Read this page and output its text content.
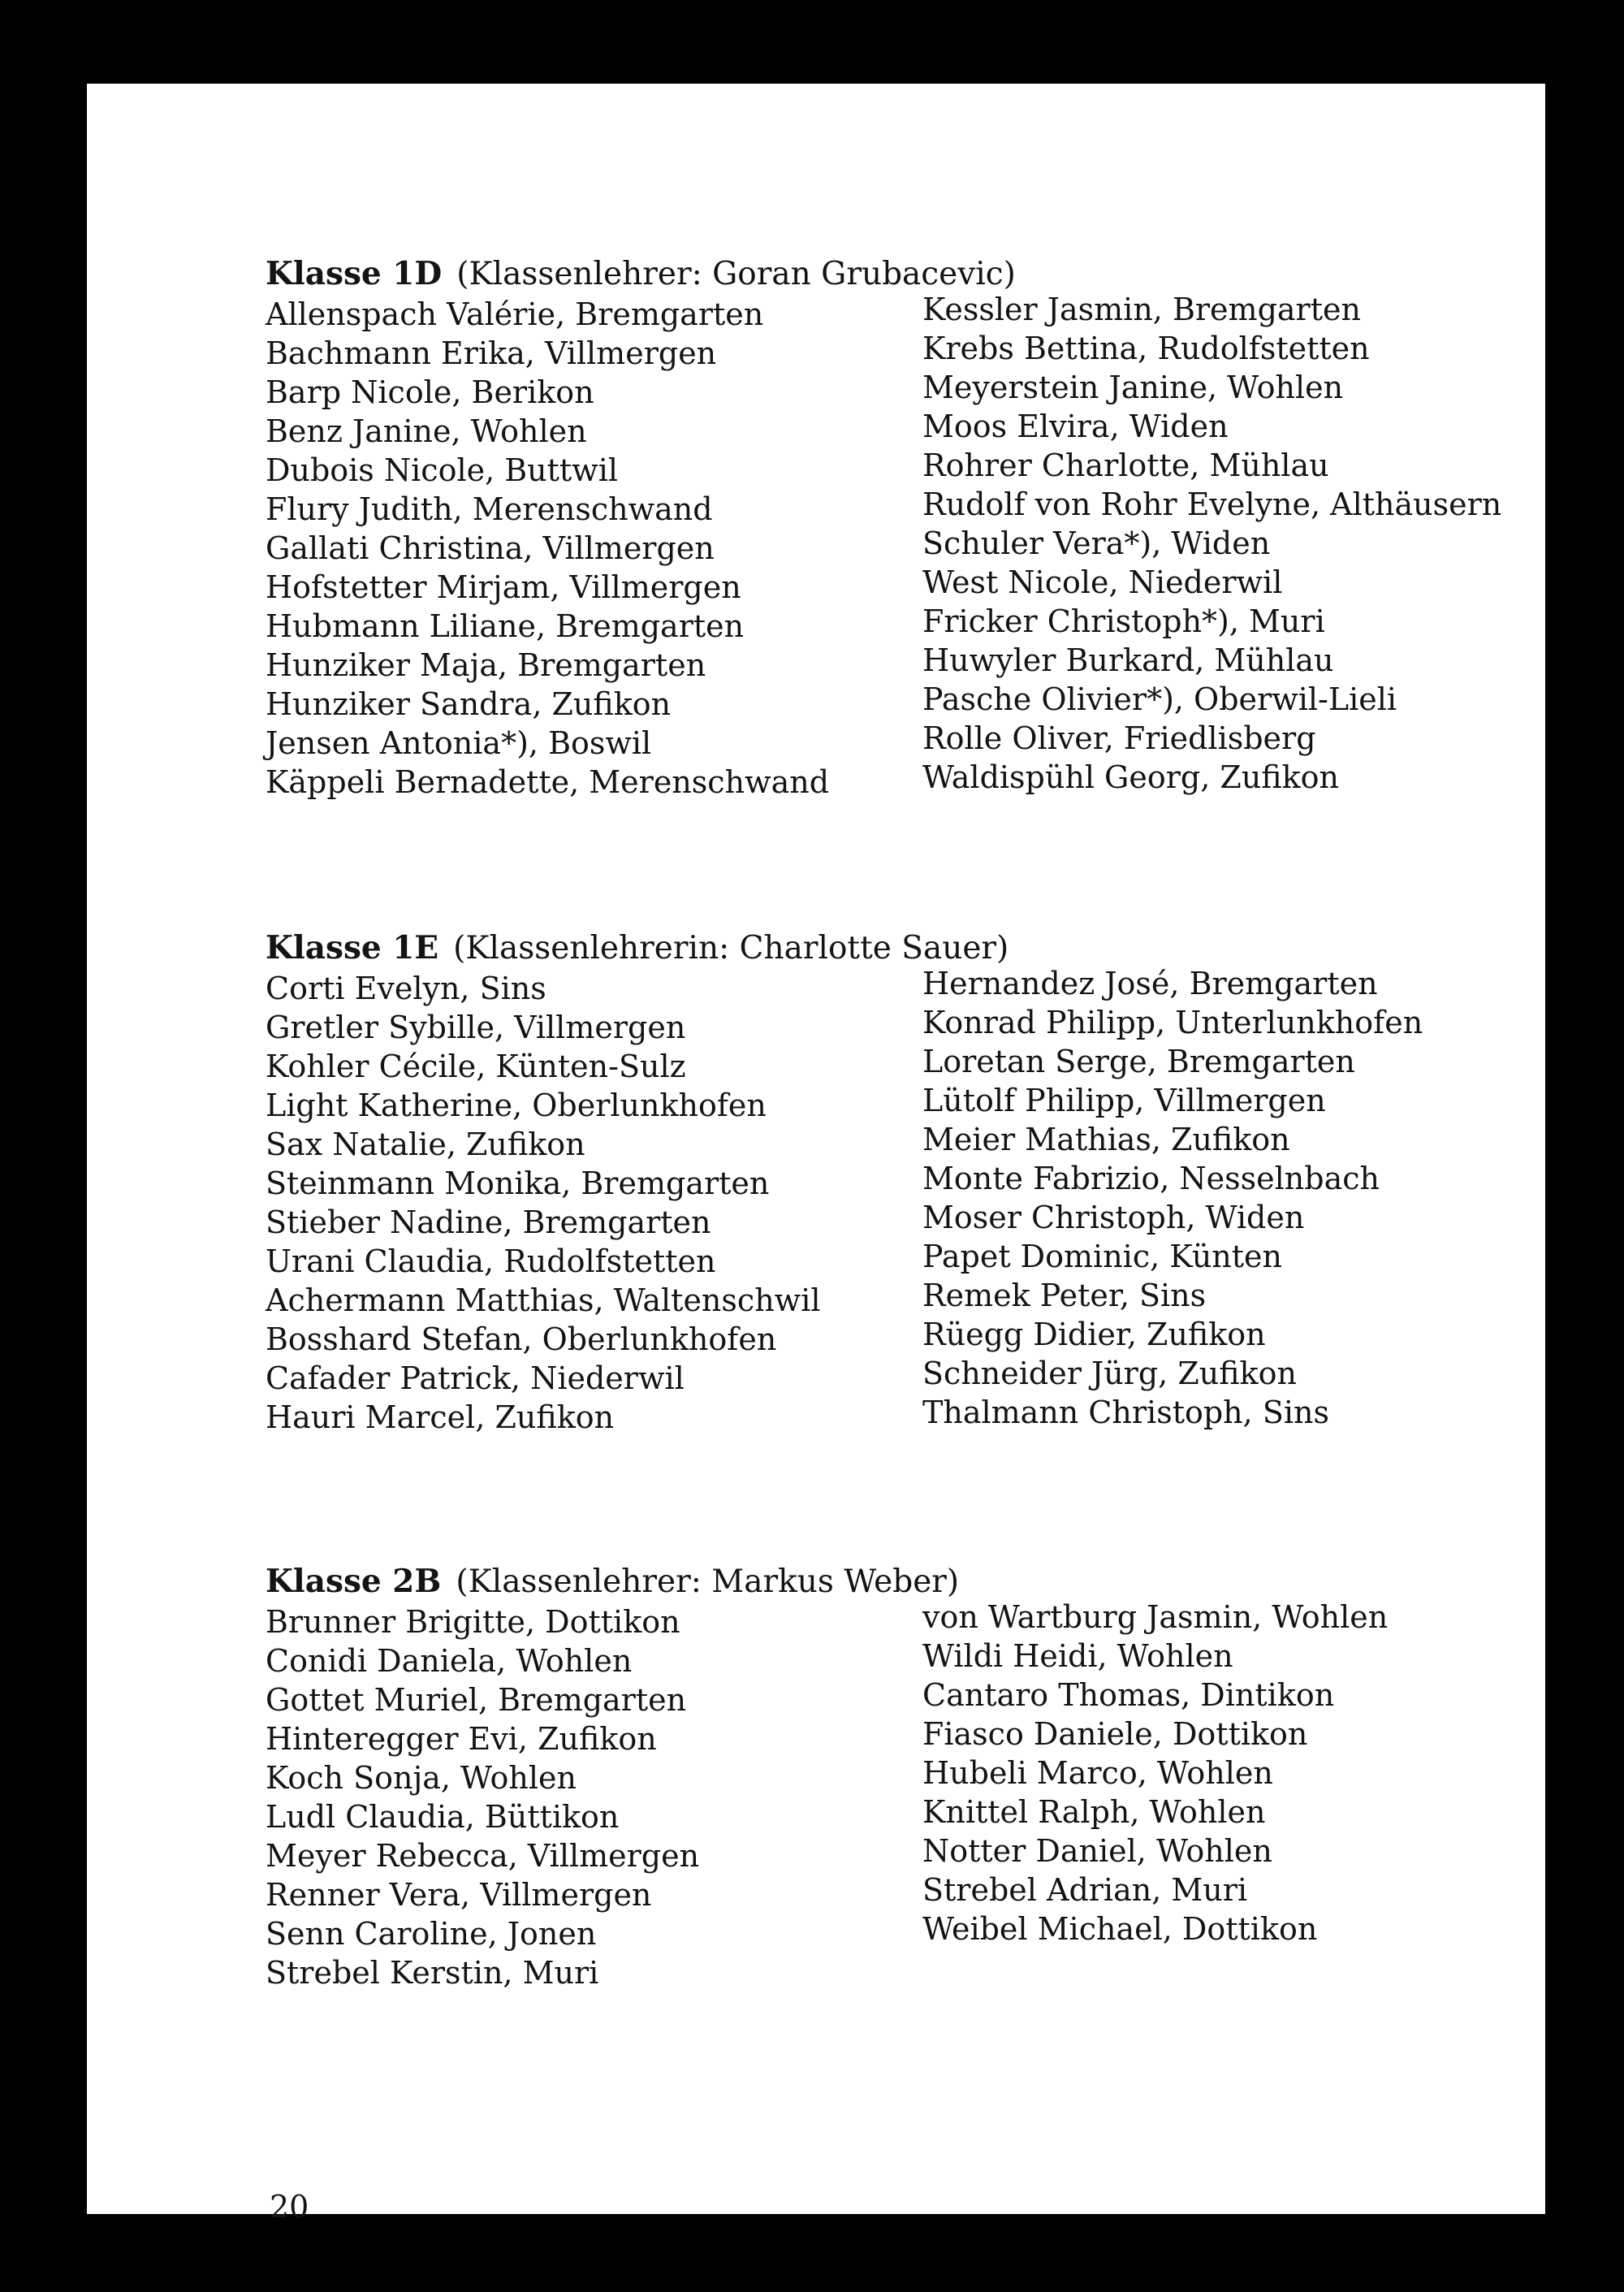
Klasse 1D (Klassenlehrer: Goran Grubacevic)
Allenspach Valérie, Bremgarten
Bachmann Erika, Villmergen
Barp Nicole, Berikon
Benz Janine, Wohlen
Dubois Nicole, Buttwil
Flury Judith, Merenschwand
Gallati Christina, Villmergen
Hofstetter Mirjam, Villmergen
Hubmann Liliane, Bremgarten
Hunziker Maja, Bremgarten
Hunziker Sandra, Zufikon
Jensen Antonia*), Boswil
Käppeli Bernadette, Merenschwand
Kessler Jasmin, Bremgarten
Krebs Bettina, Rudolfstetten
Meyerstein Janine, Wohlen
Moos Elvira, Widen
Rohrer Charlotte, Mühlau
Rudolf von Rohr Evelyne, Althäusern
Schuler Vera*), Widen
West Nicole, Niederwil
Fricker Christoph*), Muri
Huwyler Burkard, Mühlau
Pasche Olivier*), Oberwil-Lieli
Rolle Oliver, Friedlisberg
Waldispühl Georg, Zufikon
Klasse 1E (Klassenlehrerin: Charlotte Sauer)
Corti Evelyn, Sins
Gretler Sybille, Villmergen
Kohler Cécile, Künten-Sulz
Light Katherine, Oberlunkhofen
Sax Natalie, Zufikon
Steinmann Monika, Bremgarten
Stieber Nadine, Bremgarten
Urani Claudia, Rudolfstetten
Achermann Matthias, Waltenschwil
Bosshard Stefan, Oberlunkhofen
Cafader Patrick, Niederwil
Hauri Marcel, Zufikon
Hernandez José, Bremgarten
Konrad Philipp, Unterlunkhofen
Loretan Serge, Bremgarten
Lütolf Philipp, Villmergen
Meier Mathias, Zufikon
Monte Fabrizio, Nesselnbach
Moser Christoph, Widen
Papet Dominic, Künten
Remek Peter, Sins
Rüegg Didier, Zufikon
Schneider Jürg, Zufikon
Thalmann Christoph, Sins
Klasse 2B (Klassenlehrer: Markus Weber)
Brunner Brigitte, Dottikon
Conidi Daniela, Wohlen
Gottet Muriel, Bremgarten
Hinteregger Evi, Zufikon
Koch Sonja, Wohlen
Ludl Claudia, Büttikon
Meyer Rebecca, Villmergen
Renner Vera, Villmergen
Senn Caroline, Jonen
Strebel Kerstin, Muri
von Wartburg Jasmin, Wohlen
Wildi Heidi, Wohlen
Cantaro Thomas, Dintikon
Fiasco Daniele, Dottikon
Hubeli Marco, Wohlen
Knittel Ralph, Wohlen
Notter Daniel, Wohlen
Strebel Adrian, Muri
Weibel Michael, Dottikon
20
